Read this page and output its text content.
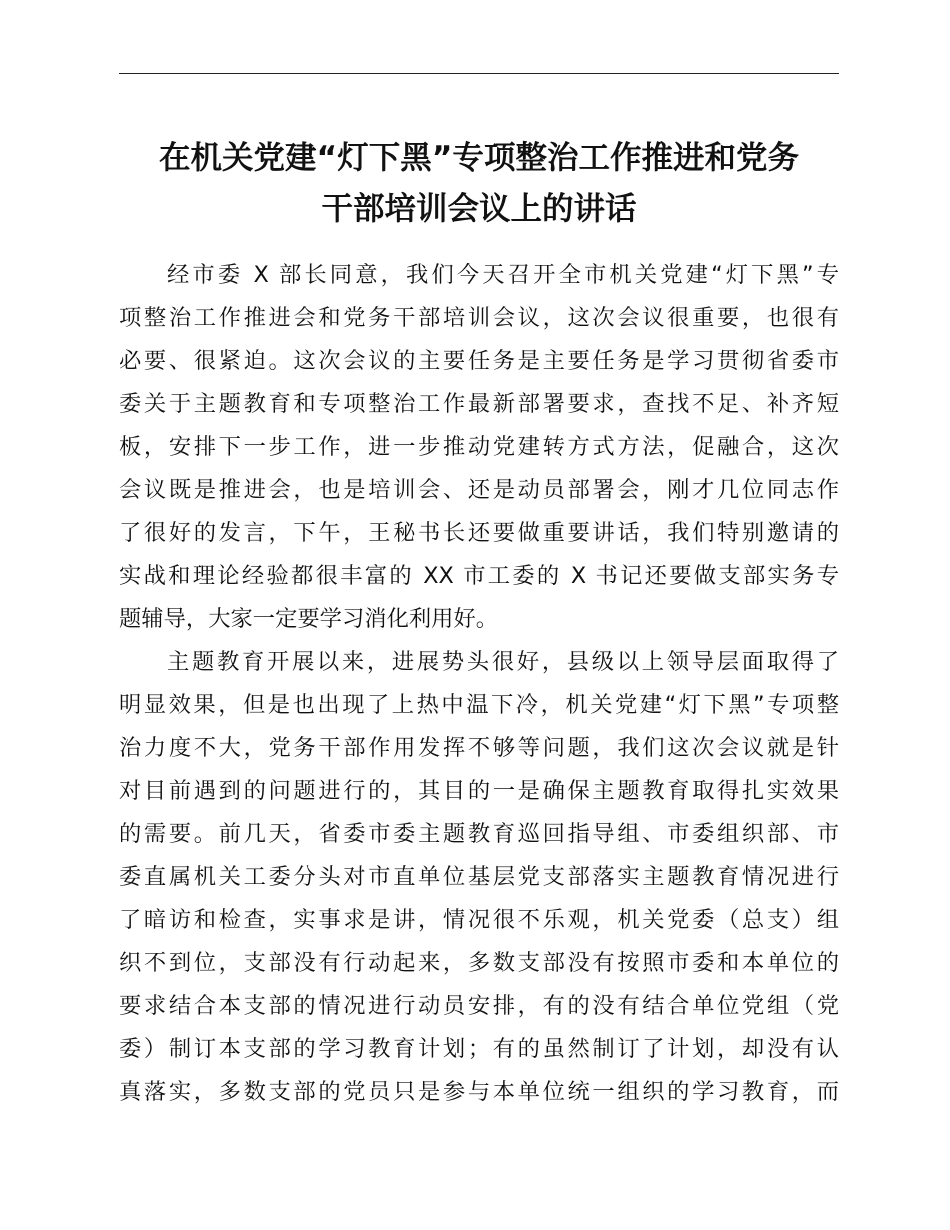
在机关党建“灯下黑”专项整治工作推进和党务
干部培训会议上的讲话
经市委 X 部长同意，我们今天召开全市机关党建“灯下黑”专
项整治工作推进会和党务干部培训会议，这次会议很重要，也很有
必要、很紧迫。这次会议的主要任务是主要任务是学习贯彻省委市
委关于主题教育和专项整治工作最新部署要求，查找不足、补齐短
板，安排下一步工作，进一步推动党建转方式方法，促融合，这次
会议既是推进会，也是培训会、还是动员部署会，刚才几位同志作
了很好的发言，下午，王秘书长还要做重要讲话，我们特别邀请的
实战和理论经验都很丰富的 XX 市工委的 X 书记还要做支部实务专
题辅导，大家一定要学习消化利用好。
主题教育开展以来，进展势头很好，县级以上领导层面取得了
明显效果，但是也出现了上热中温下冷，机关党建“灯下黑”专项整
治力度不大，党务干部作用发挥不够等问题，我们这次会议就是针
对目前遇到的问题进行的，其目的一是确保主题教育取得扎实效果
的需要。前几天，省委市委主题教育巡回指导组、市委组织部、市
委直属机关工委分头对市直单位基层党支部落实主题教育情况进行
了暗访和检查，实事求是讲，情况很不乐观，机关党委（总支）组
织不到位，支部没有行动起来，多数支部没有按照市委和本单位的
要求结合本支部的情况进行动员安排，有的没有结合单位党组（党
委）制订本支部的学习教育计划；有的虽然制订了计划，却没有认
真落实，多数支部的党员只是参与本单位统一组织的学习教育，而
